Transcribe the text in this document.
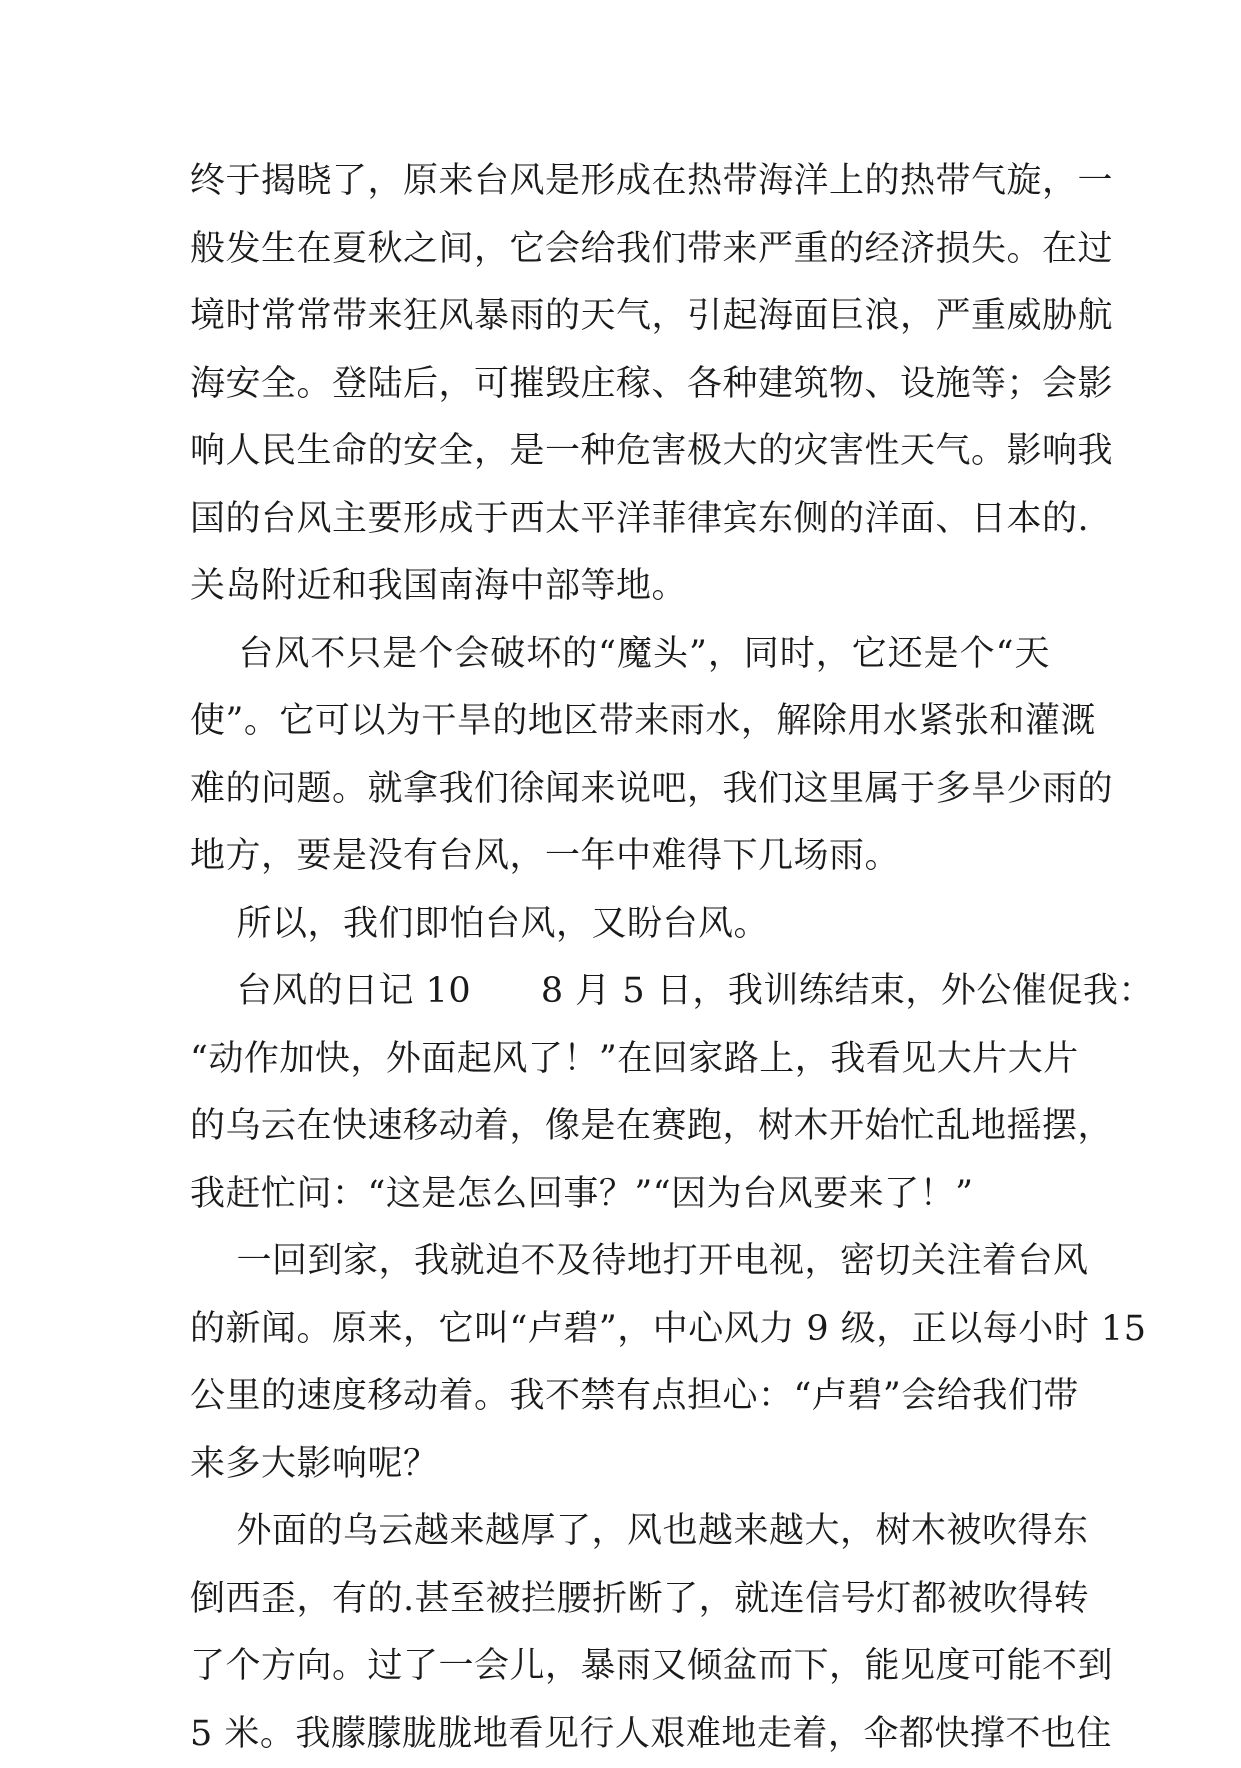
终于揭晓了，原来台风是形成在热带海洋上的热带气旋，一
般发生在夏秋之间，它会给我们带来严重的经济损失。在过
境时常常带来狂风暴雨的天气，引起海面巨浪，严重威胁航
海安全。登陆后，可摧毁庄稼、各种建筑物、设施等；会影
响人民生命的安全，是一种危害极大的灾害性天气。影响我
国的台风主要形成于西太平洋菲律宾东侧的洋面、日本的.
关岛附近和我国南海中部等地。
台风不只是个会破坏的“魔头”，同时，它还是个“天
使”。它可以为干旱的地区带来雨水，解除用水紧张和灌溉
难的问题。就拿我们徐闻来说吧，我们这里属于多旱少雨的
地方，要是没有台风，一年中难得下几场雨。
所以，我们即怕台风，又盼台风。
台风的日记 10      8 月 5 日，我训练结束，外公催促我：
“动作加快，外面起风了！”在回家路上，我看见大片大片
的乌云在快速移动着，像是在赛跑，树木开始忙乱地摇摆，
我赶忙问：“这是怎么回事？”“因为台风要来了！”
一回到家，我就迫不及待地打开电视，密切关注着台风
的新闻。原来，它叫“卢碧”，中心风力 9 级，正以每小时 15
公里的速度移动着。我不禁有点担心：“卢碧”会给我们带
来多大影响呢？
外面的乌云越来越厚了，风也越来越大，树木被吹得东
倒西歪，有的.甚至被拦腰折断了，就连信号灯都被吹得转
了个方向。过了一会儿，暴雨又倾盆而下，能见度可能不到
5 米。我朦朦胧胧地看见行人艰难地走着，伞都快撑不也住
